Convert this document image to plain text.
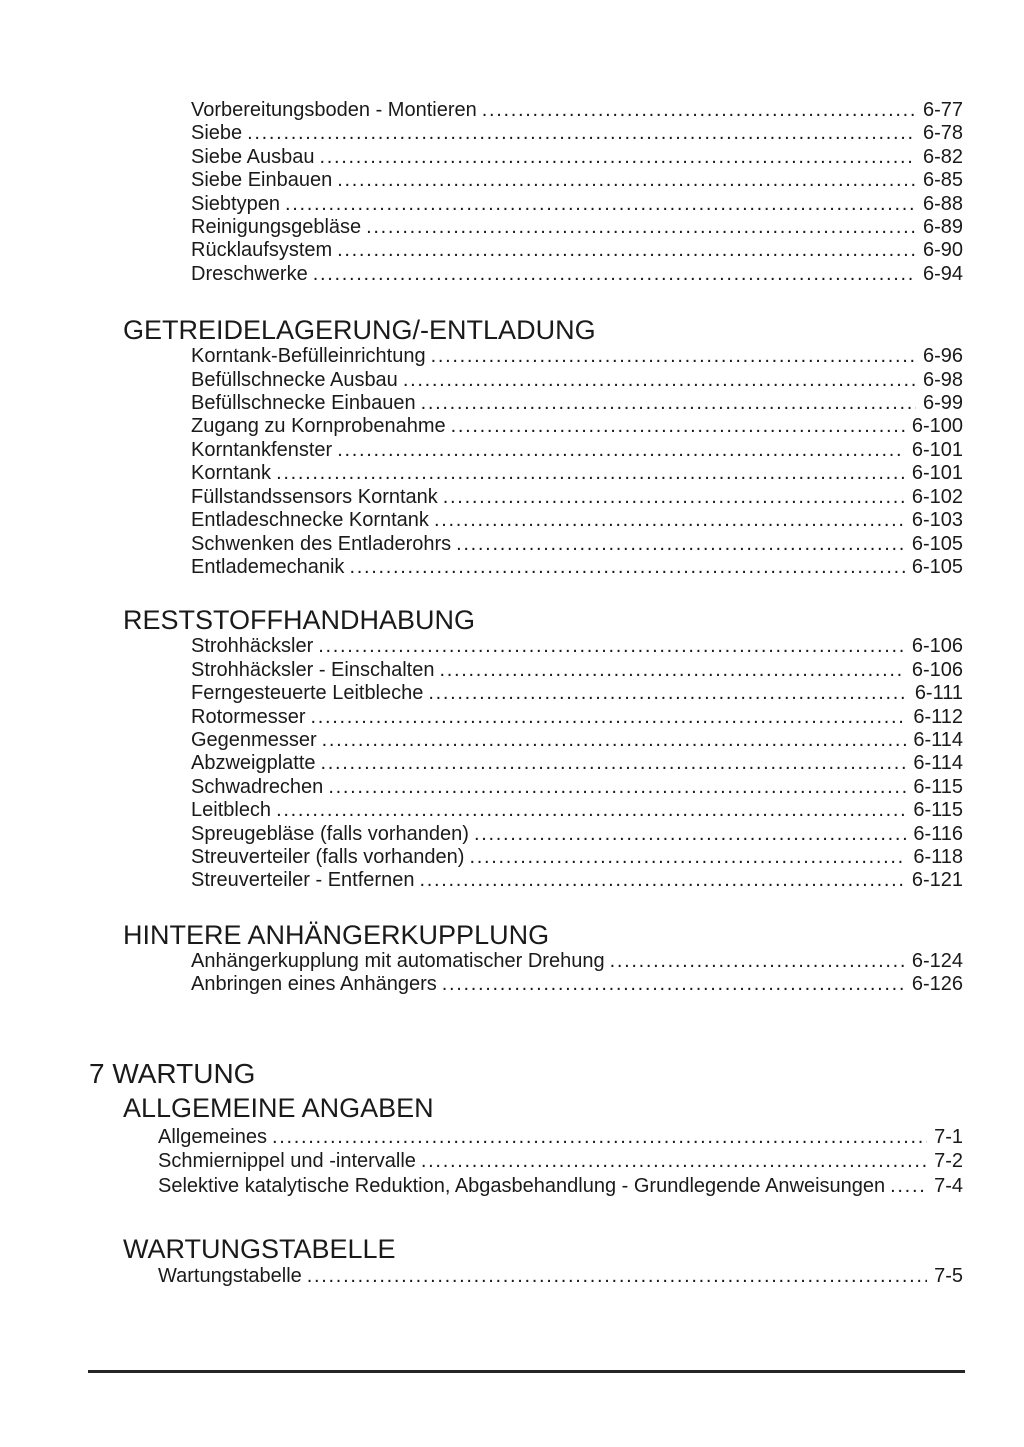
Vorbereitungsboden - Montieren .....	6-77
Siebe .....	6-78
Siebe Ausbau .....	6-82
Siebe Einbauen .....	6-85
Siebtypen .....	6-88
Reinigungsgebläse .....	6-89
Rücklaufsystem .....	6-90
Dreschwerke .....	6-94
GETREIDELAGERUNG/-ENTLADUNG
Korntank-Befülleinrichtung .....	6-96
Befüllschnecke Ausbau .....	6-98
Befüllschnecke Einbauen .....	6-99
Zugang zu Kornprobenahme .....	6-100
Korntankfenster .....	6-101
Korntank .....	6-101
Füllstandssensors Korntank .....	6-102
Entladeschnecke Korntank .....	6-103
Schwenken des Entladerohrs .....	6-105
Entlademechanik .....	6-105
RESTSTOFFHANDHABUNG
Strohhäcksler .....	6-106
Strohhäcksler - Einschalten .....	6-106
Ferngesteuerte Leitbleche .....	6-111
Rotormesser .....	6-112
Gegenmesser .....	6-114
Abzweigplatte .....	6-114
Schwadrechen .....	6-115
Leitblech .....	6-115
Spreugebläse (falls vorhanden) .....	6-116
Streuverteiler (falls vorhanden) .....	6-118
Streuverteiler - Entfernen .....	6-121
HINTERE ANHÄNGERKUPPLUNG
Anhängerkupplung mit automatischer Drehung .....	6-124
Anbringen eines Anhängers .....	6-126
7 WARTUNG
ALLGEMEINE ANGABEN
Allgemeines .....	7-1
Schmiernippel und -intervalle .....	7-2
Selektive katalytische Reduktion, Abgasbehandlung - Grundlegende Anweisungen .....	7-4
WARTUNGSTABELLE
Wartungstabelle .....	7-5
